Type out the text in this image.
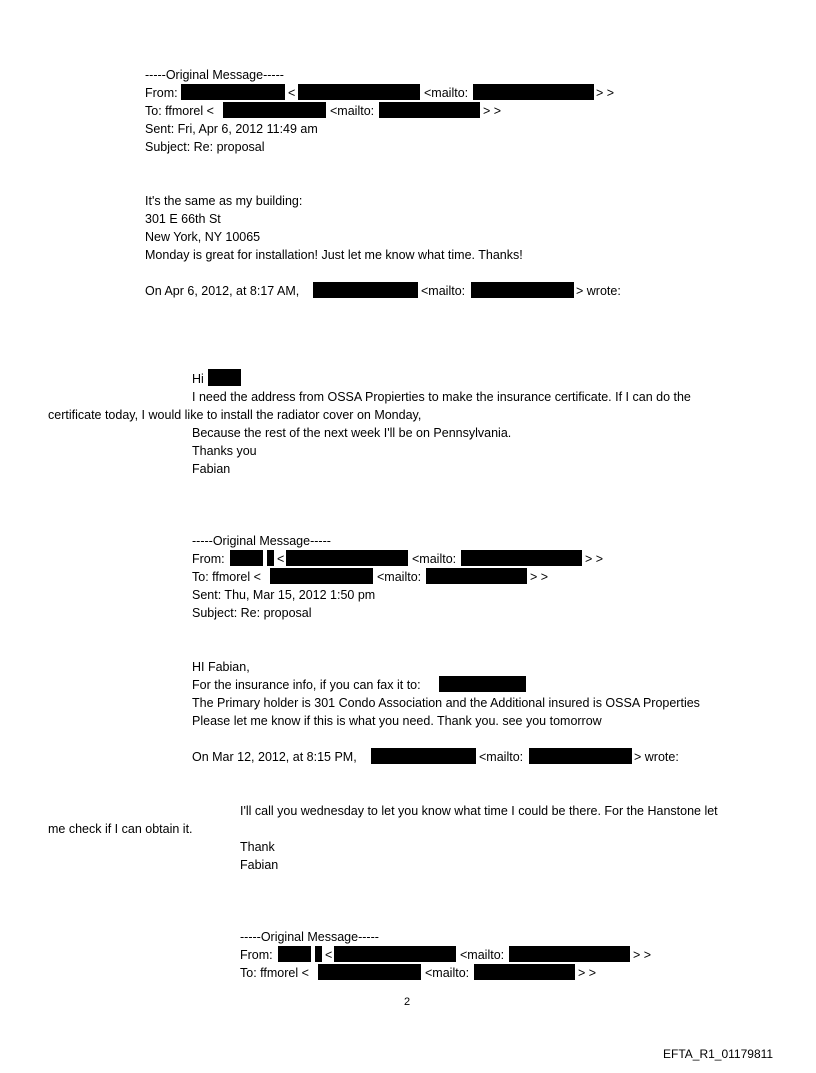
-----Original Message-----
From:	<	<mailto:	> >
To: ffmorel <	<mailto:	> >
Sent: Fri, Apr 6, 2012 11:49 am
Subject: Re: proposal
It's the same as my building:
301 E 66th St
New York, NY 10065
Monday is great for installation! Just let me know what time. Thanks!
On Apr 6, 2012, at 8:17 AM,	<mailto:	> wrote:
Hi
I need the address from OSSA Propierties to make the insurance certificate. If I can do the
certificate today, I would like to install the radiator cover on Monday,
Because the rest of the next week I'll be on Pennsylvania.
Thanks you
Fabian
-----Original Message-----
From:	<	<mailto:	> >
To: ffmorel <	<mailto:	> >
Sent: Thu, Mar 15, 2012 1:50 pm
Subject: Re: proposal
HI Fabian,
For the insurance info, if you can fax it to:
The Primary holder is 301 Condo Association and the Additional insured is OSSA Properties
Please let me know if this is what you need. Thank you. see you tomorrow
On Mar 12, 2012, at 8:15 PM,	<mailto:	> wrote:
I'll call you wednesday to let you know what time I could be there. For the Hanstone let
me check if I can obtain it.
Thank
Fabian
-----Original Message-----
From:	<	<mailto:	> >
To: ffmorel <	<mailto:	> >
2
EFTA_R1_01179811
